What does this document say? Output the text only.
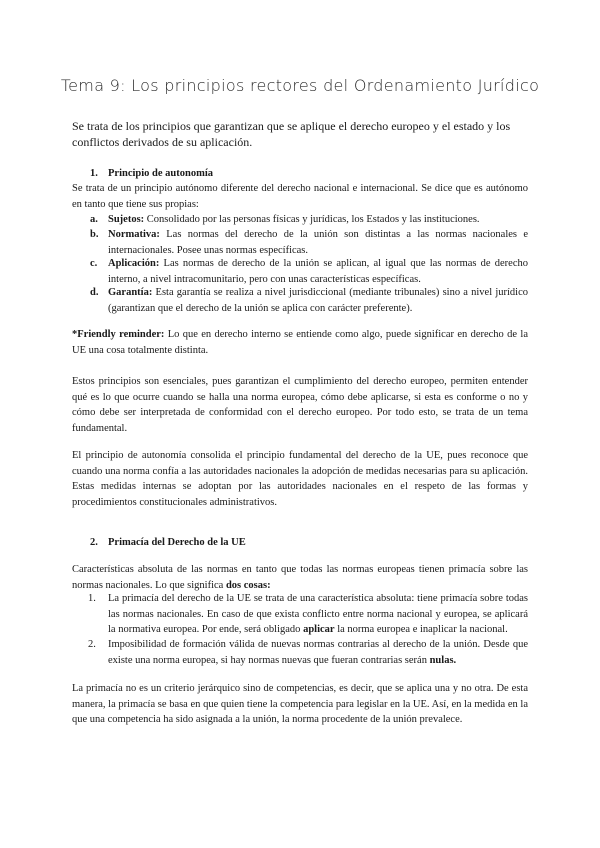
Tema 9: Los principios rectores del Ordenamiento Jurídico
Se trata de los principios que garantizan que se aplique el derecho europeo y el estado y los conflictos derivados de su aplicación.
1. Principio de autonomía
Se trata de un principio autónomo diferente del derecho nacional e internacional. Se dice que es autónomo en tanto que tiene sus propias:
a. Sujetos: Consolidado por las personas físicas y jurídicas, los Estados y las instituciones.
b. Normativa: Las normas del derecho de la unión son distintas a las normas nacionales e internacionales. Posee unas normas específicas.
c. Aplicación: Las normas de derecho de la unión se aplican, al igual que las normas de derecho interno, a nivel intracomunitario, pero con unas características específicas.
d. Garantía: Esta garantía se realiza a nivel jurisdiccional (mediante tribunales) sino a nivel jurídico (garantizan que el derecho de la unión se aplica con carácter preferente).
*Friendly reminder: Lo que en derecho interno se entiende como algo, puede significar en derecho de la UE una cosa totalmente distinta.
Estos principios son esenciales, pues garantizan el cumplimiento del derecho europeo, permiten entender qué es lo que ocurre cuando se halla una norma europea, cómo debe aplicarse, si esta es conforme o no y cómo debe ser interpretada de conformidad con el derecho europeo. Por todo esto, se trata de un tema fundamental.
El principio de autonomía consolida el principio fundamental del derecho de la UE, pues reconoce que cuando una norma confía a las autoridades nacionales la adopción de medidas necesarias para su aplicación. Estas medidas internas se adoptan por las autoridades nacionales en el respeto de las formas y procedimientos constitucionales administrativos.
2. Primacía del Derecho de la UE
Características absoluta de las normas en tanto que todas las normas europeas tienen primacía sobre las normas nacionales. Lo que significa dos cosas:
1. La primacía del derecho de la UE se trata de una característica absoluta: tiene primacía sobre todas las normas nacionales. En caso de que exista conflicto entre norma nacional y europea, se aplicará la normativa europea. Por ende, será obligado aplicar la norma europea e inaplicar la nacional.
2. Imposibilidad de formación válida de nuevas normas contrarias al derecho de la unión. Desde que existe una norma europea, si hay normas nuevas que fueran contrarias serán nulas.
La primacía no es un criterio jerárquico sino de competencias, es decir, que se aplica una y no otra. De esta manera, la primacía se basa en que quien tiene la competencia para legislar en la UE. Así, en la medida en la que una competencia ha sido asignada a la unión, la norma procedente de la unión prevalece.
